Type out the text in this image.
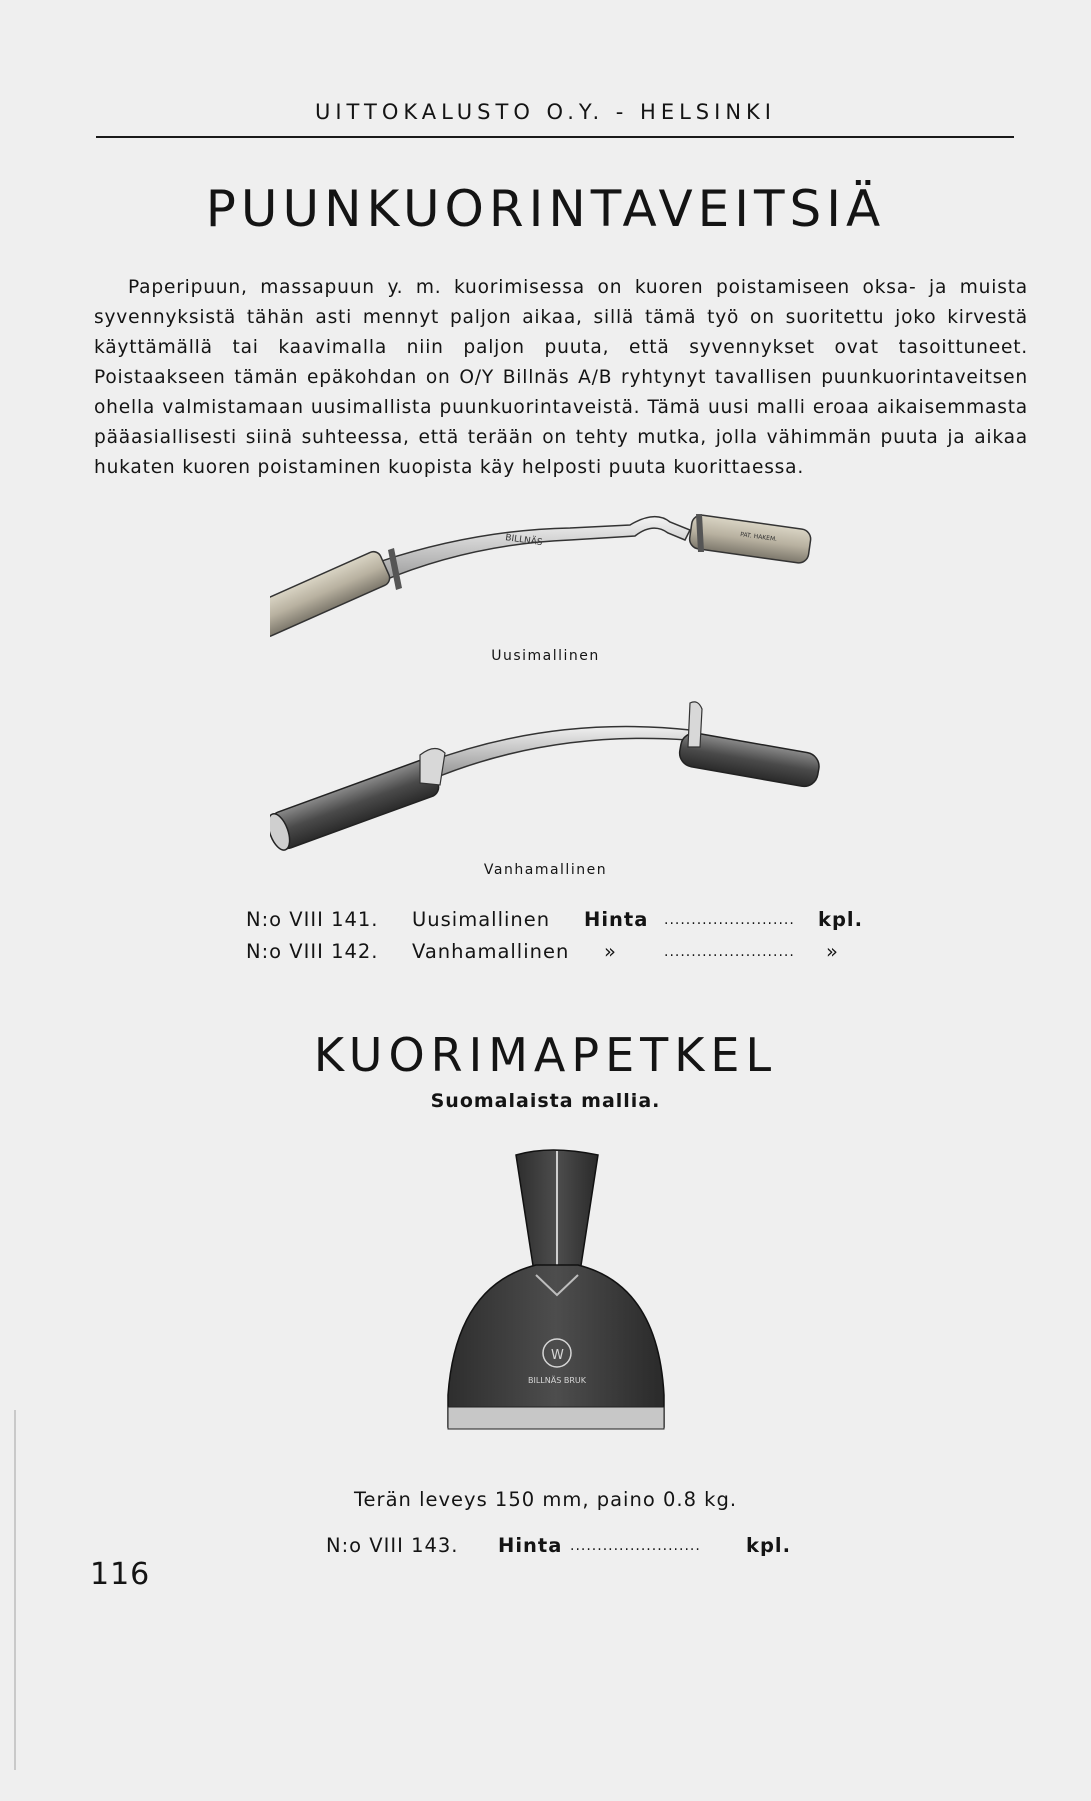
UITTOKALUSTO O.Y. - HELSINKI
PUUNKUORINTAVEITSIÄ

Paperipuun, massapuun y. m. kuorimisessa on kuoren poistamiseen oksa- ja muista syvennyksistä tähän asti mennyt paljon aikaa, sillä tämä työ on suoritettu joko kirvestä käyttämällä tai kaavimalla niin paljon puuta, että syvennykset ovat tasoittuneet. Poistaakseen tämän epäkohdan on O/Y Billnäs A/B ryhtynyt tavallisen puunkuorintaveitsen ohella valmistamaan uusimallista puunkuorintaveistä. Tämä uusi malli eroaa aikaisemmasta pääasiallisesti siinä suhteessa, että terään on tehty mutka, jolla vähimmän puuta ja aikaa hukaten kuoren poistaminen kuopista käy helposti puuta kuorittaessa.

BILLNÄS	PAT. HAKEM.
Uusimallinen
Vanhamallinen
N:o VIII 141. Uusimallinen Hinta ........................ kpl.
N:o VIII 142. Vanhamallinen »	........................ »
KUORIMAPETKEL
Suomalaista mallia.
W
BILLNÄS BRUK
Terän leveys 150 mm, paino 0.8 kg.
N:o VIII 143. Hinta ........................ kpl.
116
